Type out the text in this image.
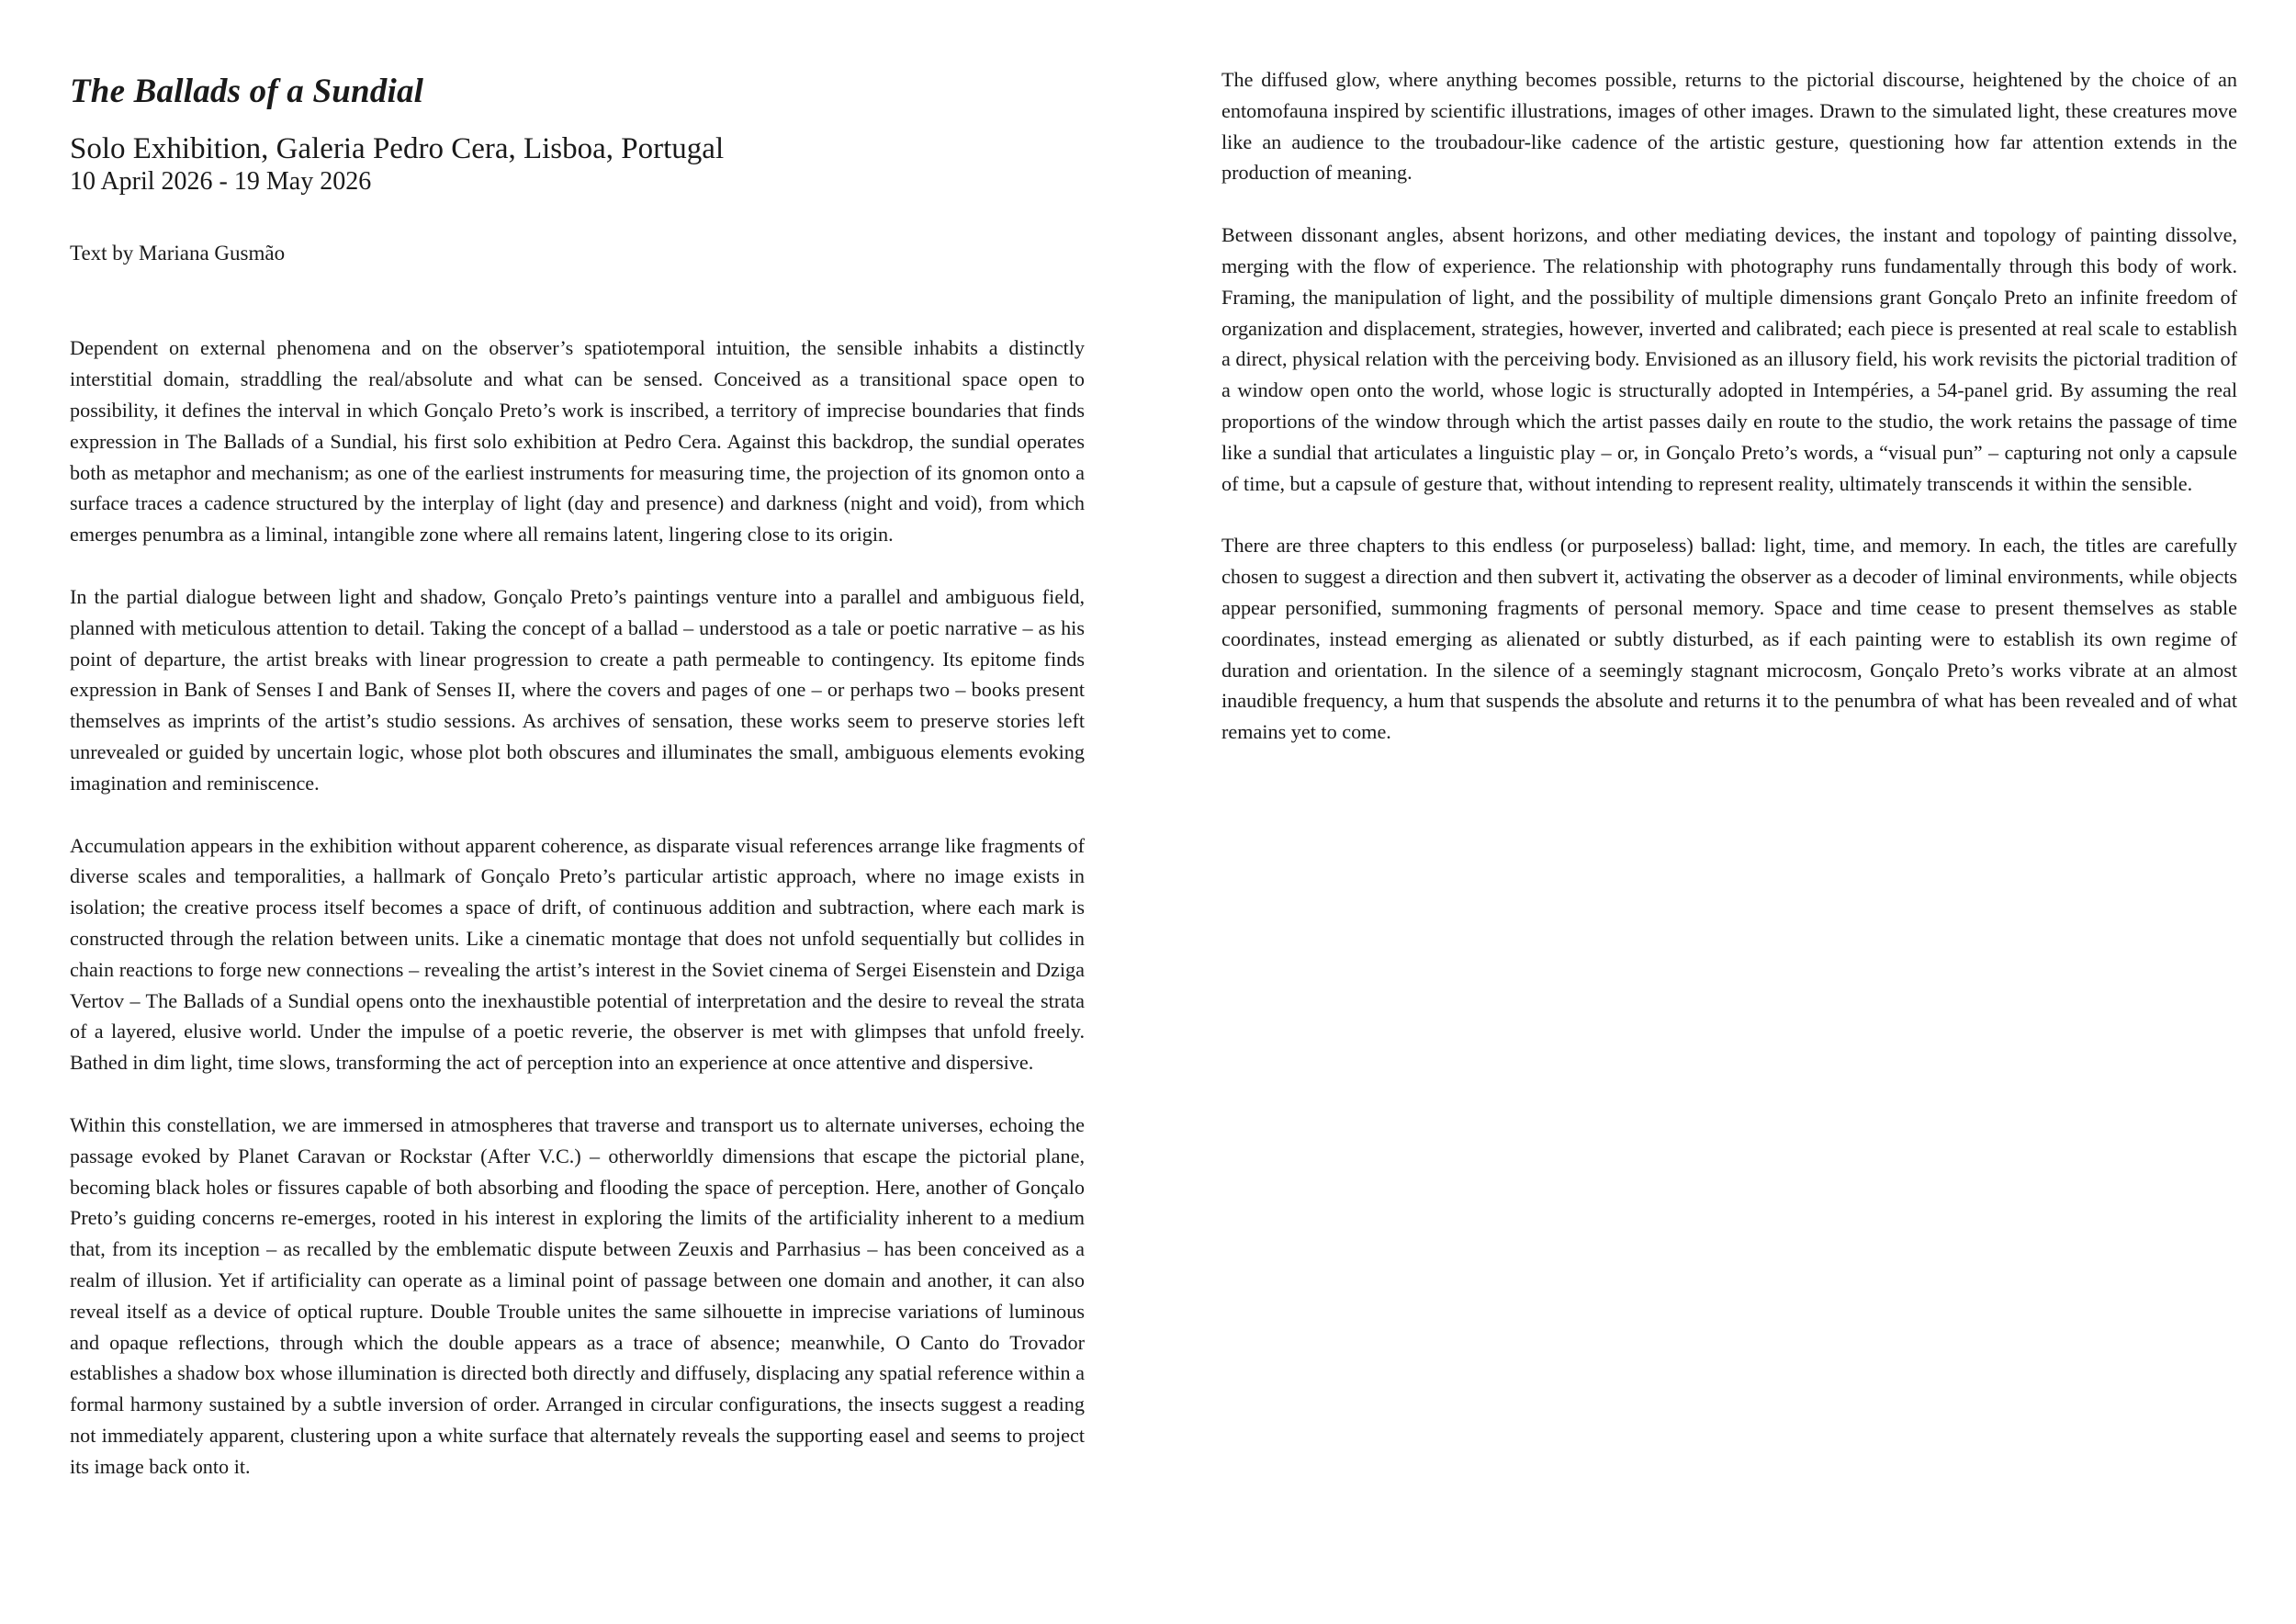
The Ballads of a Sundial

Solo Exhibition, Galeria Pedro Cera, Lisboa, Portugal

10 April 2026 - 19 May 2026

Text by Mariana Gusmão

Dependent on external phenomena and on the observer’s spatiotemporal intuition, the sensible inhabits a distinctly interstitial domain, straddling the real/absolute and what can be sensed. Conceived as a transitional space open to possibility, it defines the interval in which Gonçalo Preto’s work is inscribed, a territory of imprecise boundaries that finds expression in The Ballads of a Sundial, his first solo exhibition at Pedro Cera. Against this backdrop, the sundial operates both as metaphor and mechanism; as one of the earliest instruments for measuring time, the projection of its gnomon onto a surface traces a cadence structured by the interplay of light (day and presence) and darkness (night and void), from which emerges penumbra as a liminal, intangible zone where all remains latent, lingering close to its origin.

In the partial dialogue between light and shadow, Gonçalo Preto’s paintings venture into a parallel and ambiguous field, planned with meticulous attention to detail. Taking the concept of a ballad – understood as a tale or poetic narrative – as his point of departure, the artist breaks with linear progression to create a path permeable to contingency. Its epitome finds expression in Bank of Senses I and Bank of Senses II, where the covers and pages of one – or perhaps two – books present themselves as imprints of the artist’s studio sessions. As archives of sensation, these works seem to preserve stories left unrevealed or guided by uncertain logic, whose plot both obscures and illuminates the small, ambiguous elements evoking imagination and reminiscence.

Accumulation appears in the exhibition without apparent coherence, as disparate visual references arrange like fragments of diverse scales and temporalities, a hallmark of Gonçalo Preto’s particular artistic approach, where no image exists in isolation; the creative process itself becomes a space of drift, of continuous addition and subtraction, where each mark is constructed through the relation between units. Like a cinematic montage that does not unfold sequentially but collides in chain reactions to forge new connections – revealing the artist’s interest in the Soviet cinema of Sergei Eisenstein and Dziga Vertov – The Ballads of a Sundial opens onto the inexhaustible potential of interpretation and the desire to reveal the strata of a layered, elusive world. Under the impulse of a poetic reverie, the observer is met with glimpses that unfold freely. Bathed in dim light, time slows, transforming the act of perception into an experience at once attentive and dispersive.

Within this constellation, we are immersed in atmospheres that traverse and transport us to alternate universes, echoing the passage evoked by Planet Caravan or Rockstar (After V.C.) – otherworldly dimensions that escape the pictorial plane, becoming black holes or fissures capable of both absorbing and flooding the space of perception. Here, another of Gonçalo Preto’s guiding concerns re-emerges, rooted in his interest in exploring the limits of the artificiality inherent to a medium that, from its inception – as recalled by the emblematic dispute between Zeuxis and Parrhasius – has been conceived as a realm of illusion. Yet if artificiality can operate as a liminal point of passage between one domain and another, it can also reveal itself as a device of optical rupture. Double Trouble unites the same silhouette in imprecise variations of luminous and opaque reflections, through which the double appears as a trace of absence; meanwhile, O Canto do Trovador establishes a shadow box whose illumination is directed both directly and diffusely, displacing any spatial reference within a formal harmony sustained by a subtle inversion of order. Arranged in circular configurations, the insects suggest a reading not immediately apparent, clustering upon a white surface that alternately reveals the supporting easel and seems to project its image back onto it.

The diffused glow, where anything becomes possible, returns to the pictorial discourse, heightened by the choice of an entomofauna inspired by scientific illustrations, images of other images. Drawn to the simulated light, these creatures move like an audience to the troubadour-like cadence of the artistic gesture, questioning how far attention extends in the production of meaning.

Between dissonant angles, absent horizons, and other mediating devices, the instant and topology of painting dissolve, merging with the flow of experience. The relationship with photography runs fundamentally through this body of work. Framing, the manipulation of light, and the possibility of multiple dimensions grant Gonçalo Preto an infinite freedom of organization and displacement, strategies, however, inverted and calibrated; each piece is presented at real scale to establish a direct, physical relation with the perceiving body. Envisioned as an illusory field, his work revisits the pictorial tradition of a window open onto the world, whose logic is structurally adopted in Intempéries, a 54-panel grid. By assuming the real proportions of the window through which the artist passes daily en route to the studio, the work retains the passage of time like a sundial that articulates a linguistic play – or, in Gonçalo Preto’s words, a “visual pun” – capturing not only a capsule of time, but a capsule of gesture that, without intending to represent reality, ultimately transcends it within the sensible.

There are three chapters to this endless (or purposeless) ballad: light, time, and memory. In each, the titles are carefully chosen to suggest a direction and then subvert it, activating the observer as a decoder of liminal environments, while objects appear personified, summoning fragments of personal memory. Space and time cease to present themselves as stable coordinates, instead emerging as alienated or subtly disturbed, as if each painting were to establish its own regime of duration and orientation. In the silence of a seemingly stagnant microcosm, Gonçalo Preto’s works vibrate at an almost inaudible frequency, a hum that suspends the absolute and returns it to the penumbra of what has been revealed and of what remains yet to come.
